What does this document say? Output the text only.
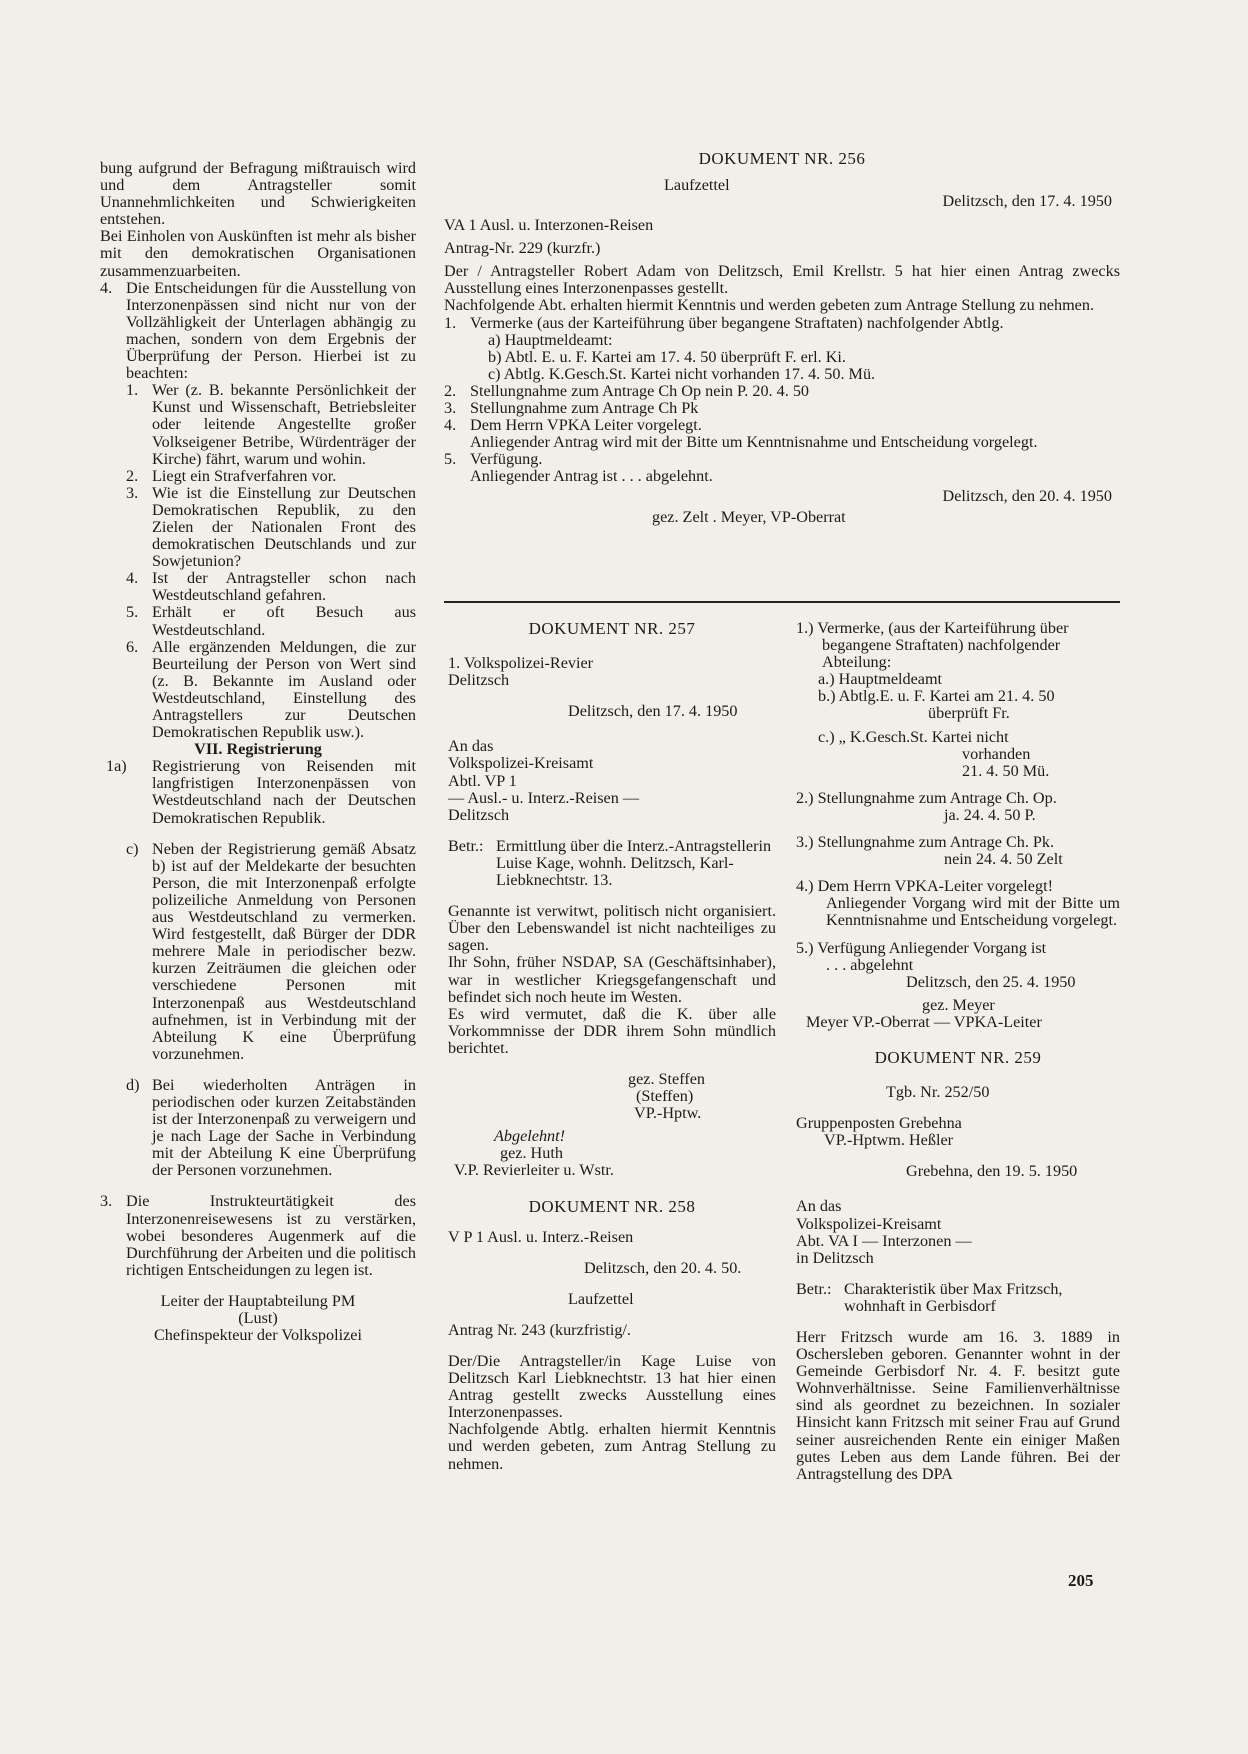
bung aufgrund der Befragung mißtrauisch wird und dem Antragsteller somit Unannehmlichkeiten und Schwierigkeiten entstehen.

Bei Einholen von Auskünften ist mehr als bisher mit den demokratischen Organisationen zusammenzuarbeiten.

4. Die Entscheidungen für die Ausstellung von Interzonenpässen sind nicht nur von der Vollzähligkeit der Unterlagen abhängig zu machen, sondern von dem Ergebnis der Überprüfung der Person. Hierbei ist zu beachten:
1. Wer (z. B. bekannte Persönlichkeit der Kunst und Wissenschaft, Betriebsleiter oder leitende Angestellte großer Volkseigener Betribe, Würdenträger der Kirche) fährt, warum und wohin.
2. Liegt ein Strafverfahren vor.
3. Wie ist die Einstellung zur Deutschen Demokratischen Republik, zu den Zielen der Nationalen Front des demokratischen Deutschlands und zur Sowjetunion?
4. Ist der Antragsteller schon nach Westdeutschland gefahren.
5. Erhält er oft Besuch aus Westdeutschland.
6. Alle ergänzenden Meldungen, die zur Beurteilung der Person von Wert sind (z. B. Bekannte im Ausland oder Westdeutschland, Einstellung des Antragstellers zur Deutschen Demokratischen Republik usw.).
VII. Registrierung
1a) Registrierung von Reisenden mit langfristigen Interzonenpässen von Westdeutschland nach der Deutschen Demokratischen Republik.
c) Neben der Registrierung gemäß Absatz b) ist auf der Meldekarte der besuchten Person, die mit Interzonenpaß erfolgte polizeiliche Anmeldung von Personen aus Westdeutschland zu vermerken. Wird festgestellt, daß Bürger der DDR mehrere Male in periodischer bezw. kurzen Zeiträumen die gleichen oder verschiedene Personen mit Interzonenpaß aus Westdeutschland aufnehmen, ist in Verbindung mit der Abteilung K eine Überprüfung vorzunehmen.
d) Bei wiederholten Anträgen in periodischen oder kurzen Zeitabständen ist der Interzonenpaß zu verweigern und je nach Lage der Sache in Verbindung mit der Abteilung K eine Überprüfung der Personen vorzunehmen.
3. Die Instrukteurtätigkeit des Interzonenreisewesens ist zu verstärken, wobei besonderes Augenmerk auf die Durchführung der Arbeiten und die politisch richtigen Entscheidungen zu legen ist.
Leiter der Hauptabteilung PM
(Lust)
Chefinspekteur der Volkspolizei
DOKUMENT NR. 256
Laufzettel
Delitzsch, den 17. 4. 1950

VA 1 Ausl. u. Interzonen-Reisen

Antrag-Nr. 229 (kurzfr.)

Der / Antragsteller Robert Adam von Delitzsch, Emil Krellstr. 5 hat hier einen Antrag zwecks Ausstellung eines Interzonenpasses gestellt.

Nachfolgende Abt. erhalten hiermit Kenntnis und werden gebeten zum Antrage Stellung zu nehmen.

1. Vermerke (aus der Karteiführung über begangene Straftaten) nachfolgender Abtlg.
a) Hauptmeldeamt:
b) Abtl. E. u. F. Kartei am 17. 4. 50 überprüft F. erl. Ki.
c) Abtlg. K.Gesch.St. Kartei nicht vorhanden 17. 4. 50. Mü.
2. Stellungnahme zum Antrage Ch Op nein P. 20. 4. 50
3. Stellungnahme zum Antrage Ch Pk
4. Dem Herrn VPKA Leiter vorgelegt.
Anliegender Antrag wird mit der Bitte um Kenntnisnahme und Entscheidung vorgelegt.
5. Verfügung.
Anliegender Antrag ist . . . abgelehnt.
Delitzsch, den 20. 4. 1950
gez. Zelt . Meyer, VP-Oberrat
DOKUMENT NR. 257

1. Volkspolizei-Revier

Delitzsch

Delitzsch, den 17. 4. 1950

An das

Volkspolizei-Kreisamt

Abtl. VP 1

— Ausl.- u. Interz.-Reisen —

Delitzsch

Betr.: Ermittlung über die Interz.-Antragstellerin Luise Kage, wohnh. Delitzsch, Karl-Liebknechtstr. 13.

Genannte ist verwitwt, politisch nicht organisiert. Über den Lebenswandel ist nicht nachteiliges zu sagen.

Ihr Sohn, früher NSDAP, SA (Geschäftsinhaber), war in westlicher Kriegsgefangenschaft und befindet sich noch heute im Westen.

Es wird vermutet, daß die K. über alle Vorkommnisse der DDR ihrem Sohn mündlich berichtet.

gez. Steffen
(Steffen)
VP.-Hptw.
Abgelehnt!
gez. Huth
V.P. Revierleiter u. Wstr.
DOKUMENT NR. 258

V P 1 Ausl. u. Interz.-Reisen

Delitzsch, den 20. 4. 50.

Laufzettel

Antrag Nr. 243 (kurzfristig/.

Der/Die Antragsteller/in Kage Luise von Delitzsch Karl Liebknechtstr. 13 hat hier einen Antrag gestellt zwecks Ausstellung eines Interzonenpasses.

Nachfolgende Abtlg. erhalten hiermit Kenntnis und werden gebeten, zum Antrag Stellung zu nehmen.

1.) Vermerke, (aus der Karteiführung über begangene Straftaten) nachfolgender Abteilung:
a.) Hauptmeldeamt
b.) Abtlg.E. u. F. Kartei am 21. 4. 50
überprüft Fr.
c.) „ K.Gesch.St. Kartei nicht
vorhanden
21. 4. 50 Mü.
2.) Stellungnahme zum Antrage Ch. Op.
ja. 24. 4. 50 P.
3.) Stellungnahme zum Antrage Ch. Pk.
nein 24. 4. 50 Zelt
4.) Dem Herrn VPKA-Leiter vorgelegt!
Anliegender Vorgang wird mit der Bitte um Kenntnisnahme und Entscheidung vorgelegt.
5.) Verfügung Anliegender Vorgang ist
. . . abgelehnt
Delitzsch, den 25. 4. 1950
gez. Meyer
Meyer VP.-Oberrat — VPKA-Leiter
DOKUMENT NR. 259

Tgb. Nr. 252/50

Gruppenposten Grebehna

VP.-Hptwm. Heßler

Grebehna, den 19. 5. 1950

An das

Volkspolizei-Kreisamt

Abt. VA I — Interzonen —

in Delitzsch

Betr.: Charakteristik über Max Fritzsch, wohnhaft in Gerbisdorf

Herr Fritzsch wurde am 16. 3. 1889 in Oschersleben geboren. Genannter wohnt in der Gemeinde Gerbisdorf Nr. 4. F. besitzt gute Wohnverhältnisse. Seine Familienverhältnisse sind als geordnet zu bezeichnen. In sozialer Hinsicht kann Fritzsch mit seiner Frau auf Grund seiner ausreichenden Rente ein einiger Maßen gutes Leben aus dem Lande führen. Bei der Antragstellung des DPA

205
